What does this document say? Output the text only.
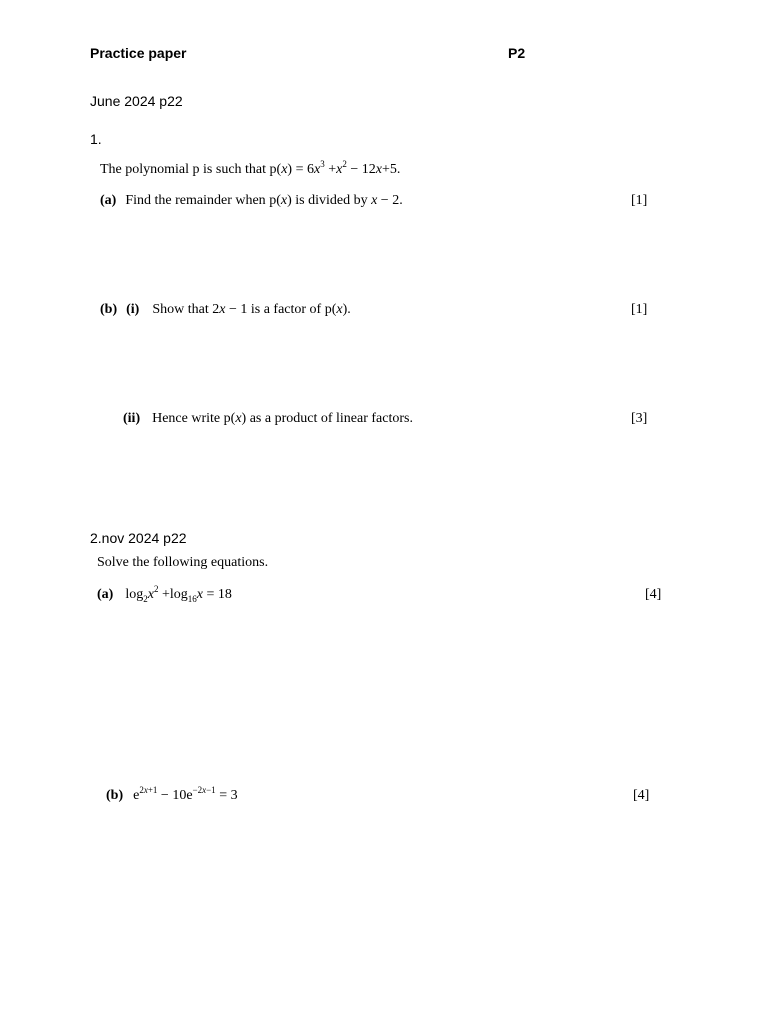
Practice paper	P2
June 2024 p22
1.
The polynomial p is such that $p(x) = 6x^3 +x^2 - 12x+5$.
(a) Find the remainder when p(x) is divided by x − 2.	[1]
(b) (i) Show that 2x − 1 is a factor of p(x).	[1]
(ii) Hence write p(x) as a product of linear factors.	[3]
2.nov 2024 p22
Solve the following equations.
(a) $\log_2x^2 +\log_{16}x = 18$	[4]
(b) $e^{2x+1} - 10e^{-2x-1} = 3$	[4]
